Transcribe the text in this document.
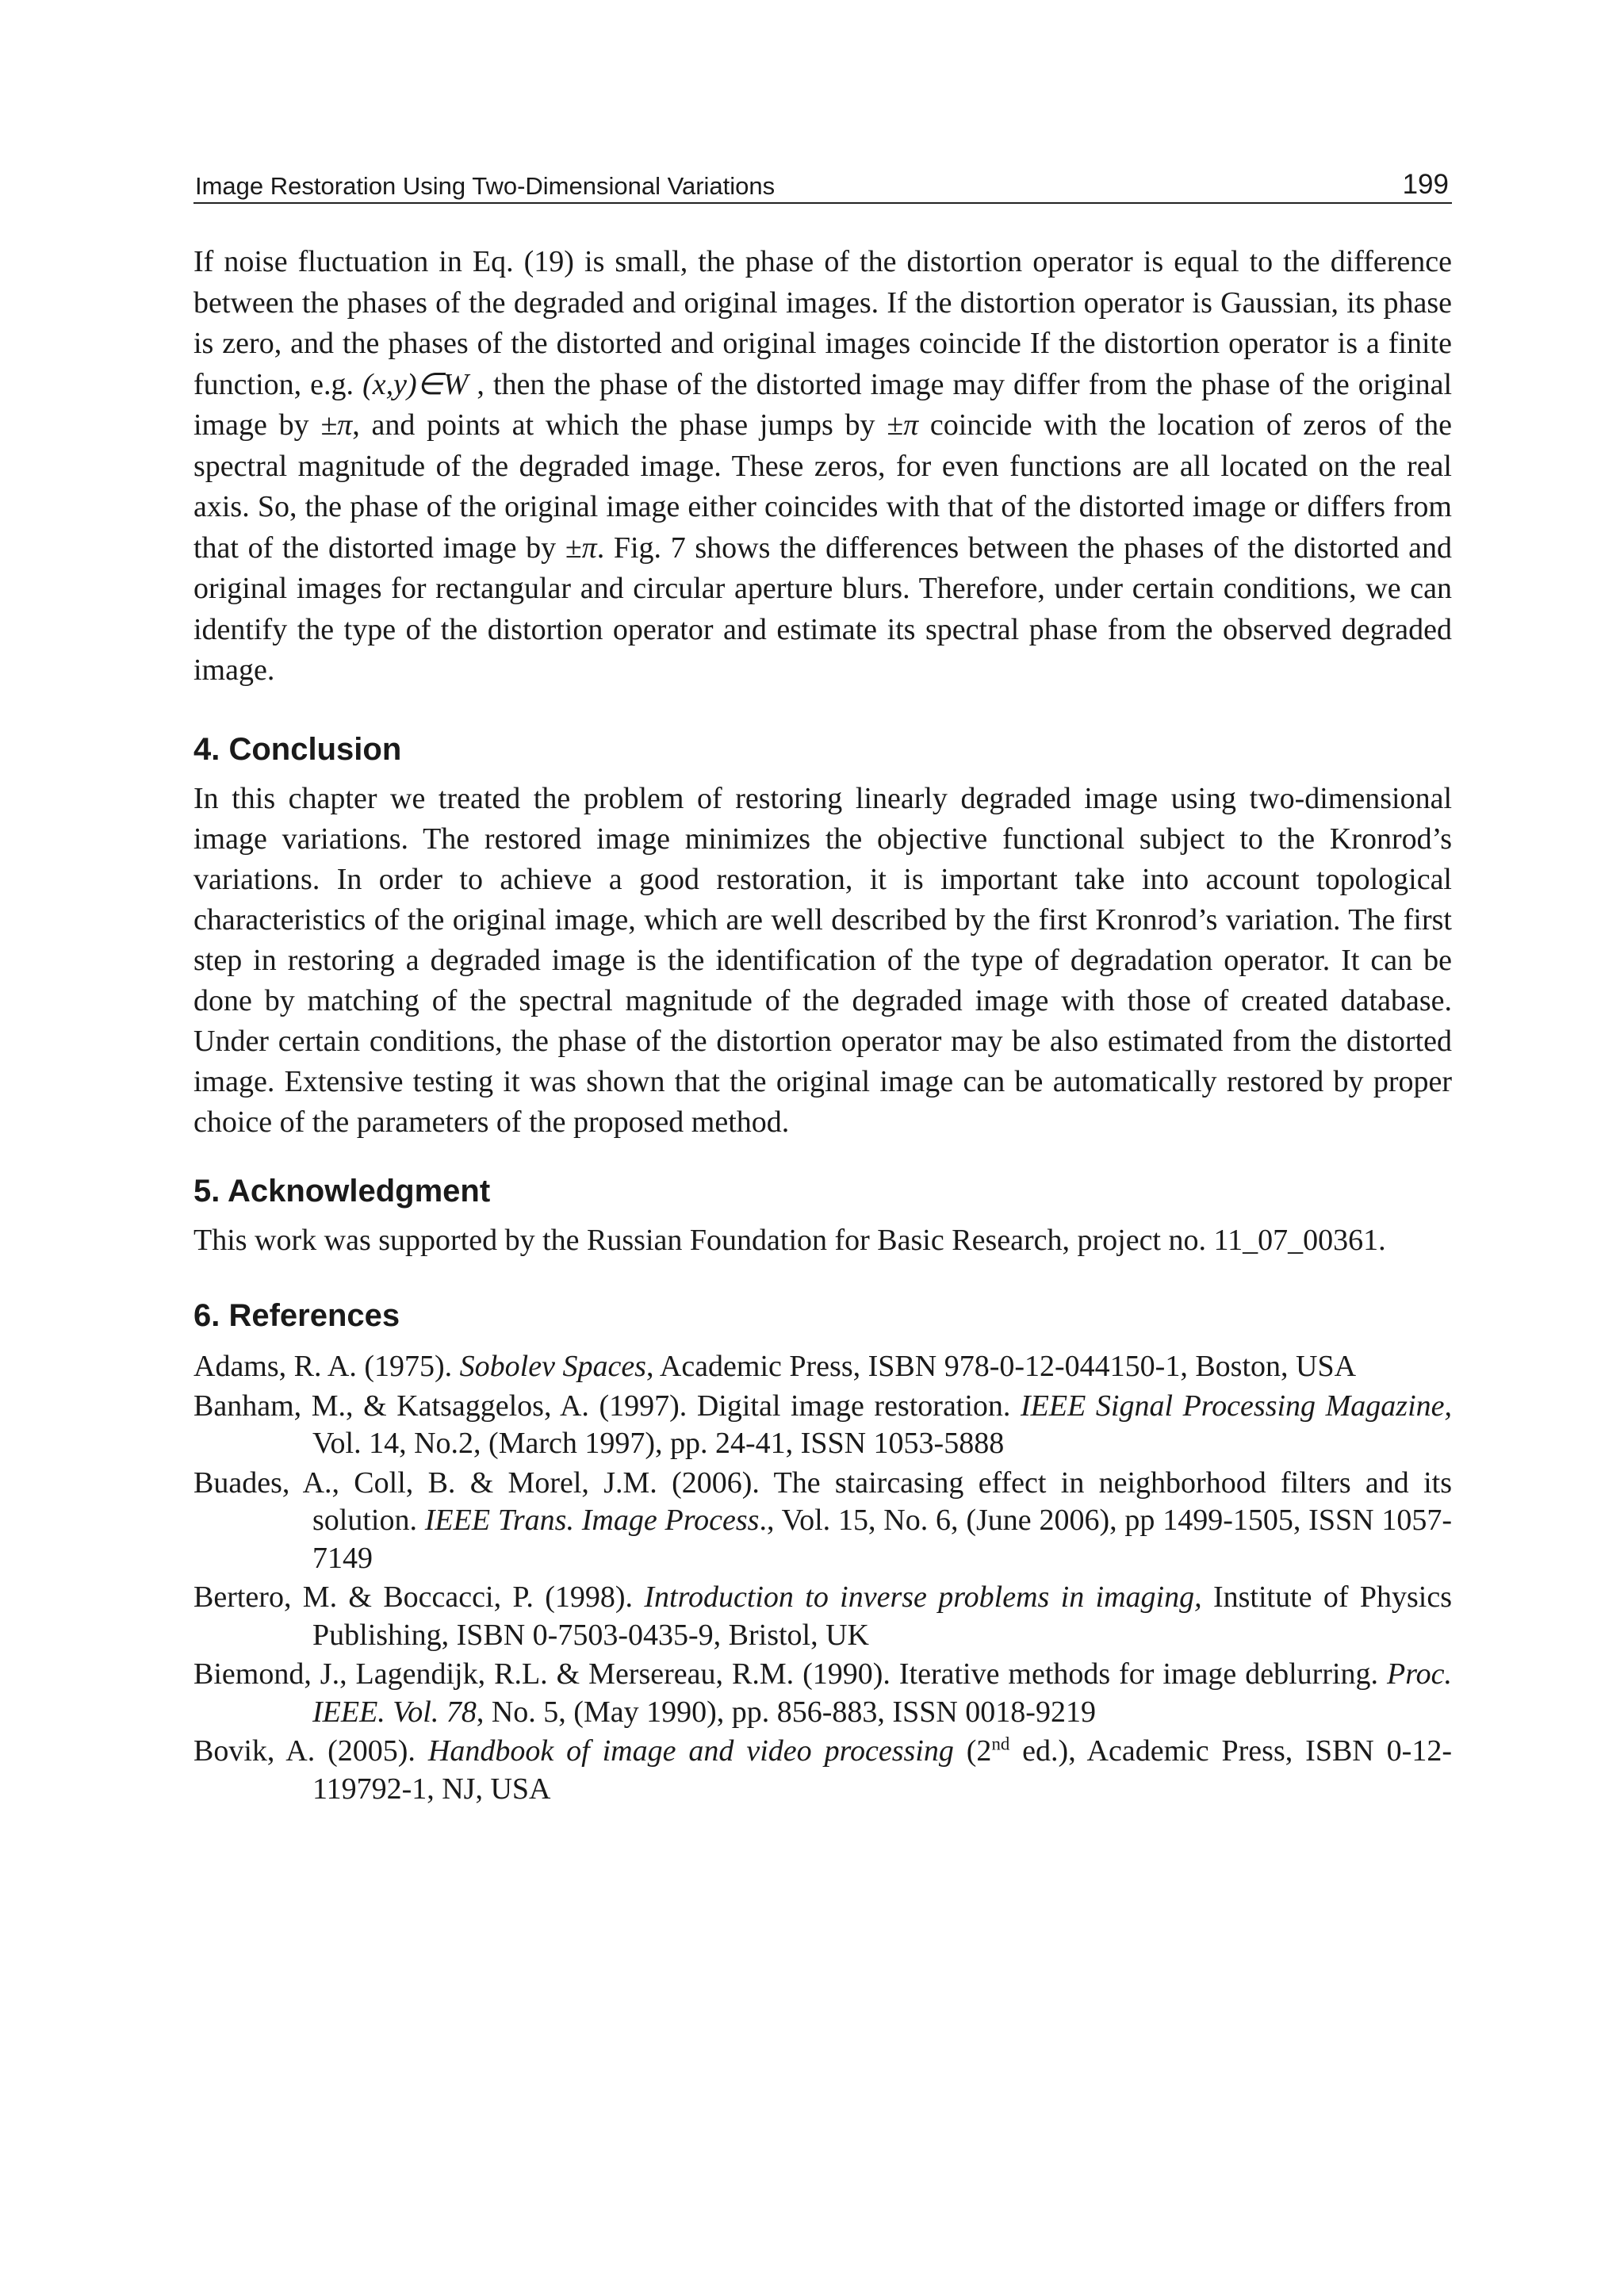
Image Restoration Using Two-Dimensional Variations	199

If noise fluctuation in Eq. (19) is small, the phase of the distortion operator is equal to the difference between the phases of the degraded and original images. If the distortion operator is Gaussian, its phase is zero, and the phases of the distorted and original images coincide If the distortion operator is a finite function, e.g. (x,y)∈W , then the phase of the distorted image may differ from the phase of the original image by ±π, and points at which the phase jumps by ±π coincide with the location of zeros of the spectral magnitude of the degraded image. These zeros, for even functions are all located on the real axis. So, the phase of the original image either coincides with that of the distorted image or differs from that of the distorted image by ±π. Fig. 7 shows the differences between the phases of the distorted and original images for rectangular and circular aperture blurs. Therefore, under certain conditions, we can identify the type of the distortion operator and estimate its spectral phase from the observed degraded image.

4. Conclusion

In this chapter we treated the problem of restoring linearly degraded image using two-dimensional image variations. The restored image minimizes the objective functional subject to the Kronrod’s variations. In order to achieve a good restoration, it is important take into account topological characteristics of the original image, which are well described by the first Kronrod’s variation. The first step in restoring a degraded image is the identification of the type of degradation operator. It can be done by matching of the spectral magnitude of the degraded image with those of created database. Under certain conditions, the phase of the distortion operator may be also estimated from the distorted image. Extensive testing it was shown that the original image can be automatically restored by proper choice of the parameters of the proposed method.

5. Acknowledgment

This work was supported by the Russian Foundation for Basic Research, project no. 11_07_00361.

6. References
Adams, R. A. (1975). Sobolev Spaces, Academic Press, ISBN 978-0-12-044150-1, Boston, USA
Banham, M., & Katsaggelos, A. (1997). Digital image restoration. IEEE Signal Processing Magazine, Vol. 14, No.2, (March 1997), pp. 24-41, ISSN 1053-5888
Buades, A., Coll, B. & Morel, J.M. (2006). The staircasing effect in neighborhood filters and its solution. IEEE Trans. Image Process., Vol. 15, No. 6, (June 2006), pp 1499-1505, ISSN 1057-7149
Bertero, M. & Boccacci, P. (1998). Introduction to inverse problems in imaging, Institute of Physics Publishing, ISBN 0-7503-0435-9, Bristol, UK
Biemond, J., Lagendijk, R.L. & Mersereau, R.M. (1990). Iterative methods for image deblurring. Proc. IEEE. Vol. 78, No. 5, (May 1990), pp. 856-883, ISSN 0018-9219
Bovik, A. (2005). Handbook of image and video processing (2nd ed.), Academic Press, ISBN 0-12-119792-1, NJ, USA
